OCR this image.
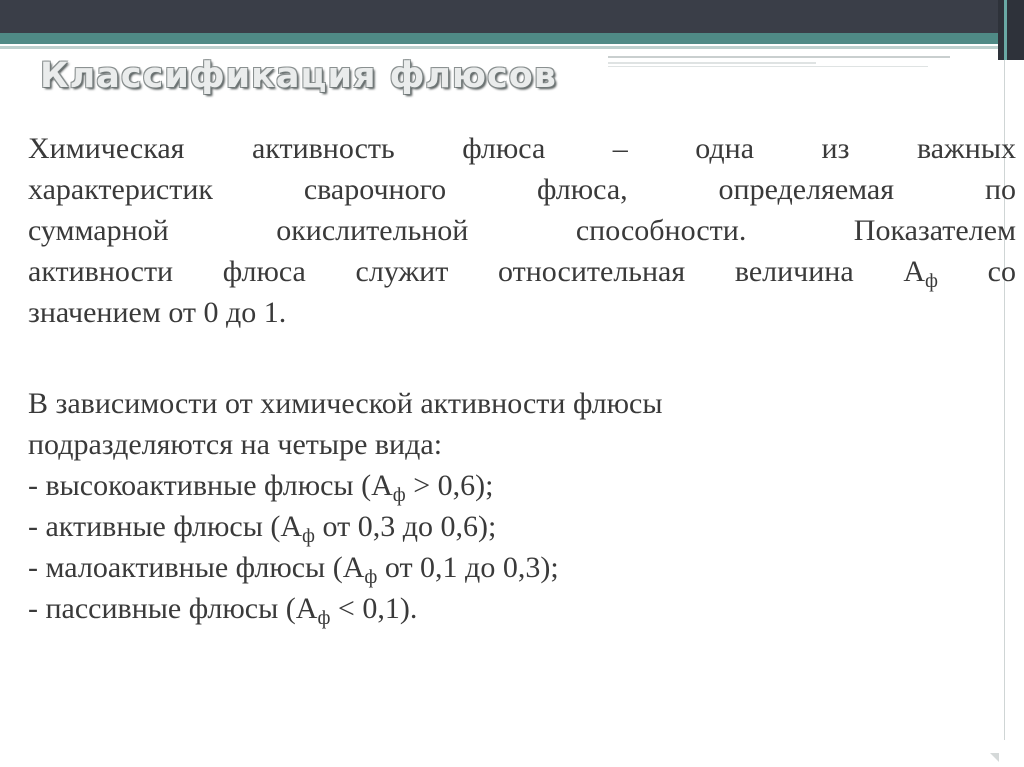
Классификация флюсов
Химическая активность флюса – одна из важных
характеристик сварочного флюса, определяемая по
суммарной окислительной способности. Показателем
активности флюса служит относительная величина $А_ф$ со
значением от 0 до 1.
В зависимости от химической активности флюсы
подразделяются на четыре вида:
- высокоактивные флюсы $(А_ф > 0,6)$;
- активные флюсы ($А_ф$ от 0,3 до 0,6);
- малоактивные флюсы ($А_ф$ от 0,1 до 0,3);
- пассивные флюсы $(А_ф < 0,1)$.
